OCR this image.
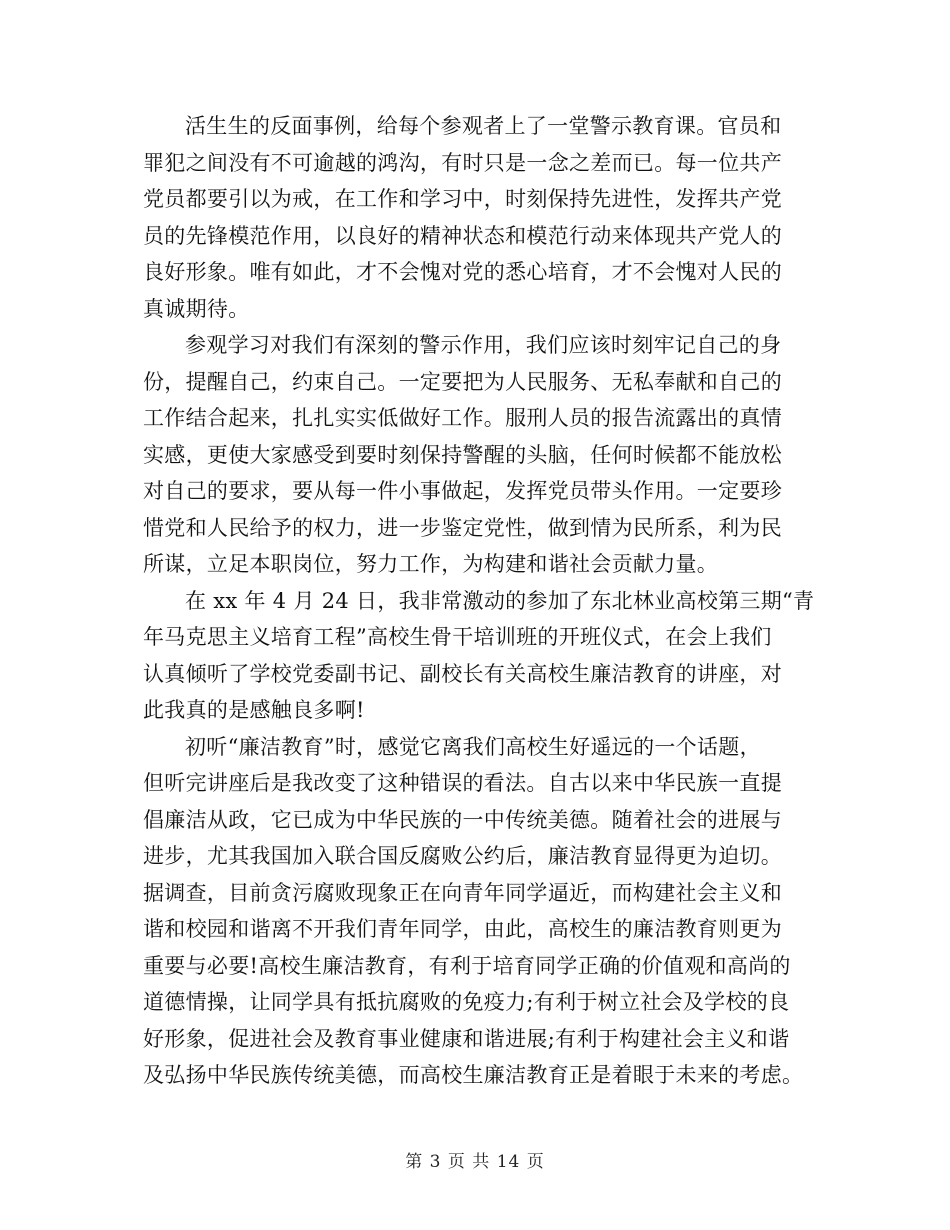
活生生的反面事例，给每个参观者上了一堂警示教育课。官员和
罪犯之间没有不可逾越的鸿沟，有时只是一念之差而已。每一位共产
党员都要引以为戒，在工作和学习中，时刻保持先进性，发挥共产党
员的先锋模范作用，以良好的精神状态和模范行动来体现共产党人的
良好形象。唯有如此，才不会愧对党的悉心培育，才不会愧对人民的
真诚期待。

参观学习对我们有深刻的警示作用，我们应该时刻牢记自己的身
份，提醒自己，约束自己。一定要把为人民服务、无私奉献和自己的
工作结合起来，扎扎实实低做好工作。服刑人员的报告流露出的真情
实感，更使大家感受到要时刻保持警醒的头脑，任何时候都不能放松
对自己的要求，要从每一件小事做起，发挥党员带头作用。一定要珍
惜党和人民给予的权力，进一步鉴定党性，做到情为民所系，利为民
所谋，立足本职岗位，努力工作，为构建和谐社会贡献力量。

在 xx 年 4 月 24 日，我非常激动的参加了东北林业高校第三期“青
年马克思主义培育工程”高校生骨干培训班的开班仪式，在会上我们
认真倾听了学校党委副书记、副校长有关高校生廉洁教育的讲座，对
此我真的是感触良多啊!

初听“廉洁教育”时，感觉它离我们高校生好遥远的一个话题，
但听完讲座后是我改变了这种错误的看法。自古以来中华民族一直提
倡廉洁从政，它已成为中华民族的一中传统美德。随着社会的进展与
进步，尤其我国加入联合国反腐败公约后，廉洁教育显得更为迫切。
据调查，目前贪污腐败现象正在向青年同学逼近，而构建社会主义和
谐和校园和谐离不开我们青年同学，由此，高校生的廉洁教育则更为
重要与必要!高校生廉洁教育，有利于培育同学正确的价值观和高尚的
道德情操，让同学具有抵抗腐败的免疫力;有利于树立社会及学校的良
好形象，促进社会及教育事业健康和谐进展;有利于构建社会主义和谐
及弘扬中华民族传统美德，而高校生廉洁教育正是着眼于未来的考虑。

第 3 页 共 14 页
